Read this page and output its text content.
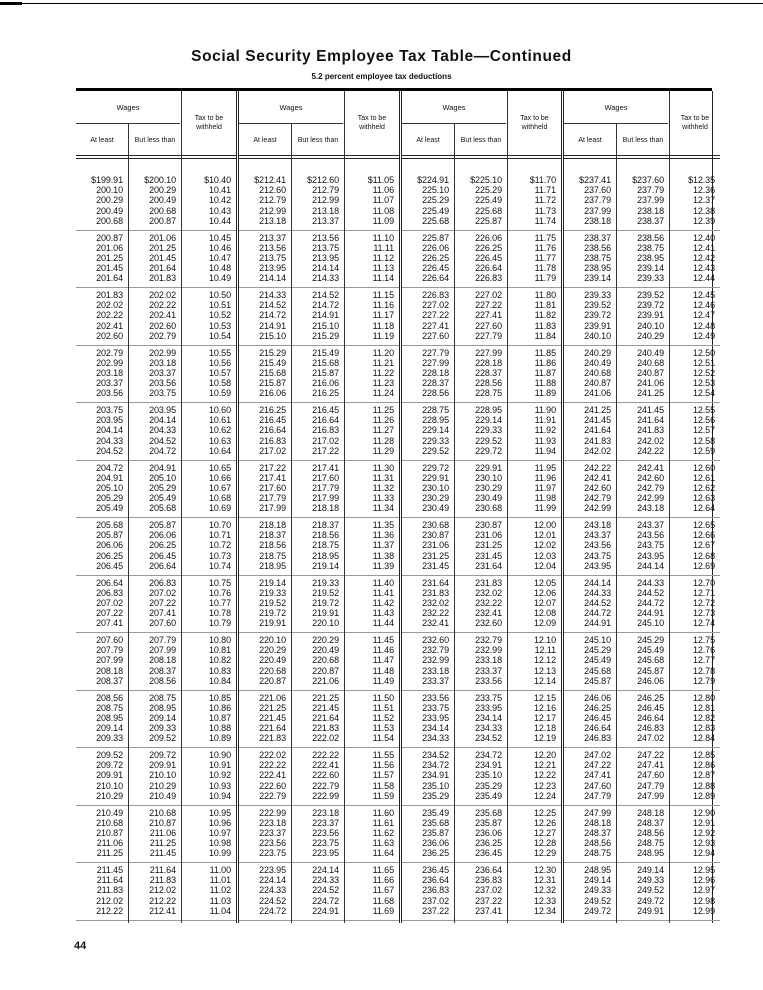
Social Security Employee Tax Table—Continued
5.2 percent employee tax deductions
Wages
At least
$199.91
200.10
200.29
200.49
200.68
200.87
201.06
201.25
201.45
201.64
201.83
202.02
202.22
202.41
202.60
202.79
202.99
203.18
203.37
203.56
203.75
203.95
204.14
204.33
204.52
204.72
204.91
205.10
205.29
205.49
205.68
205.87
206.06
206.25
206.45
206.64
206.83
207.02
207.22
207.41
207.60
207.79
207.99
208.18
208.37
208.56
208.75
208.95
209.14
209.33
209.52
209.72
209.91
210.10
210.29
210.49
210.68
210.87
211.06
211.25
211.45
211.64
211.83
212.02
212.22
But less than
$200.10
200.29
200.49
200.68
200.87
201.06
201.25
201.45
201.64
201.83
202.02
202.22
202.41
202.60
202.79
202.99
203.18
203.37
203.56
203.75
203.95
204.14
204.33
204.52
204.72
204.91
205.10
205.29
205.49
205.68
205.87
206.06
206.25
206.45
206.64
206.83
207.02
207.22
207.41
207.60
207.79
207.99
208.18
208.37
208.56
208.75
208.95
209.14
209.33
209.52
209.72
209.91
210.10
210.29
210.49
210.68
210.87
211.06
211.25
211.45
211.64
211.83
212.02
212.22
212.41
Tax to be withheld
$10.40
10.41
10.42
10.43
10.44
10.45
10.46
10.47
10.48
10.49
10.50
10.51
10.52
10.53
10.54
10.55
10.56
10.57
10.58
10.59
10.60
10.61
10.62
10.63
10.64
10.65
10.66
10.67
10.68
10.69
10.70
10.71
10.72
10.73
10.74
10.75
10.76
10.77
10.78
10.79
10.80
10.81
10.82
10.83
10.84
10.85
10.86
10.87
10.88
10.89
10.90
10.91
10.92
10.93
10.94
10.95
10.96
10.97
10.98
10.99
11.00
11.01
11.02
11.03
11.04
Wages
At least
$212.41
212.60
212.79
212.99
213.18
213.37
213.56
213.75
213.95
214.14
214.33
214.52
214.72
214.91
215.10
215.29
215.49
215.68
215.87
216.06
216.25
216.45
216.64
216.83
217.02
217.22
217.41
217.60
217.79
217.99
218.18
218.37
218.56
218.75
218.95
219.14
219.33
219.52
219.72
219.91
220.10
220.29
220.49
220.68
220.87
221.06
221.25
221.45
221.64
221.83
222.02
222.22
222.41
222.60
222.79
222.99
223.18
223.37
223.56
223.75
223.95
224.14
224.33
224.52
224.72
But less than
$212.60
212.79
212.99
213.18
213.37
213.56
213.75
213.95
214.14
214.33
214.52
214.72
214.91
215.10
215.29
215.49
215.68
215.87
216.06
216.25
216.45
216.64
216.83
217.02
217.22
217.41
217.60
217.79
217.99
218.18
218.37
218.56
218.75
218.95
219.14
219.33
219.52
219.72
219.91
220.10
220.29
220.49
220.68
220.87
221.06
221.25
221.45
221.64
221.83
222.02
222.22
222.41
222.60
222.79
222.99
223.18
223.37
223.56
223.75
223.95
224.14
224.33
224.52
224.72
224.91
Tax to be withheld
$11.05
11.06
11.07
11.08
11.09
11.10
11.11
11.12
11.13
11.14
11.15
11.16
11.17
11.18
11.19
11.20
11.21
11.22
11.23
11.24
11.25
11.26
11.27
11.28
11.29
11.30
11.31
11.32
11.33
11.34
11.35
11.36
11.37
11.38
11.39
11.40
11.41
11.42
11.43
11.44
11.45
11.46
11.47
11.48
11.49
11.50
11.51
11.52
11.53
11.54
11.55
11.56
11.57
11.58
11.59
11.60
11.61
11.62
11.63
11.64
11.65
11.66
11.67
11.68
11.69
Wages
At least
$224.91
225.10
225.29
225.49
225.68
225.87
226.06
226.25
226.45
226.64
226.83
227.02
227.22
227.41
227.60
227.79
227.99
228.18
228.37
228.56
228.75
228.95
229.14
229.33
229.52
229.72
229.91
230.10
230.29
230.49
230.68
230.87
231.06
231.25
231.45
231.64
231.83
232.02
232.22
232.41
232.60
232.79
232.99
233.18
233.37
233.56
233.75
233.95
234.14
234.33
234.52
234.72
234.91
235.10
235.29
235.49
235.68
235.87
236.06
236.25
236.45
236.64
236.83
237.02
237.22
But less than
$225.10
225.29
225.49
225.68
225.87
226.06
226.25
226.45
226.64
226.83
227.02
227.22
227.41
227.60
227.79
227.99
228.18
228.37
228.56
228.75
228.95
229.14
229.33
229.52
229.72
229.91
230.10
230.29
230.49
230.68
230.87
231.06
231.25
231.45
231.64
231.83
232.02
232.22
232.41
232.60
232.79
232.99
233.18
233.37
233.56
233.75
233.95
234.14
234.33
234.52
234.72
234.91
235.10
235.29
235.49
235.68
235.87
236.06
236.25
236.45
236.64
236.83
237.02
237.22
237.41
Tax to be withheld
$11.70
11.71
11.72
11.73
11.74
11.75
11.76
11.77
11.78
11.79
11.80
11.81
11.82
11.83
11.84
11.85
11.86
11.87
11.88
11.89
11.90
11.91
11.92
11.93
11.94
11.95
11.96
11.97
11.98
11.99
12.00
12.01
12.02
12.03
12.04
12.05
12.06
12.07
12.08
12.09
12.10
12.11
12.12
12.13
12.14
12.15
12.16
12.17
12.18
12.19
12.20
12.21
12.22
12.23
12.24
12.25
12.26
12.27
12.28
12.29
12.30
12.31
12.32
12.33
12.34
Wages
At least
$237.41
237.60
237.79
237.99
238.18
238.37
238.56
238.75
238.95
239.14
239.33
239.52
239.72
239.91
240.10
240.29
240.49
240.68
240.87
241.06
241.25
241.45
241.64
241.83
242.02
242.22
242.41
242.60
242.79
242.99
243.18
243.37
243.56
243.75
243.95
244.14
244.33
244.52
244.72
244.91
245.10
245.29
245.49
245.68
245.87
246.06
246.25
246.45
246.64
246.83
247.02
247.22
247.41
247.60
247.79
247.99
248.18
248.37
248.56
248.75
248.95
249.14
249.33
249.52
249.72
But less than
$237.60
237.79
237.99
238.18
238.37
238.56
238.75
238.95
239.14
239.33
239.52
239.72
239.91
240.10
240.29
240.49
240.68
240.87
241.06
241.25
241.45
241.64
241.83
242.02
242.22
242.41
242.60
242.79
242.99
243.18
243.37
243.56
243.75
243.95
244.14
244.33
244.52
244.72
244.91
245.10
245.29
245.49
245.68
245.87
246.06
246.25
246.45
246.64
246.83
247.02
247.22
247.41
247.60
247.79
247.99
248.18
248.37
248.56
248.75
248.95
249.14
249.33
249.52
249.72
249.91
Tax to be withheld
$12.35
12.36
12.37
12.38
12.39
12.40
12.41
12.42
12.43
12.44
12.45
12.46
12.47
12.48
12.49
12.50
12.51
12.52
12.53
12.54
12.55
12.56
12.57
12.58
12.59
12.60
12.61
12.62
12.63
12.64
12.65
12.66
12.67
12.68
12.69
12.70
12.71
12.72
12.73
12.74
12.75
12.76
12.77
12.78
12.79
12.80
12.81
12.82
12.83
12.84
12.85
12.86
12.87
12.88
12.89
12.90
12.91
12.92
12.93
12.94
12.95
12.96
12.97
12.98
12.99
44
